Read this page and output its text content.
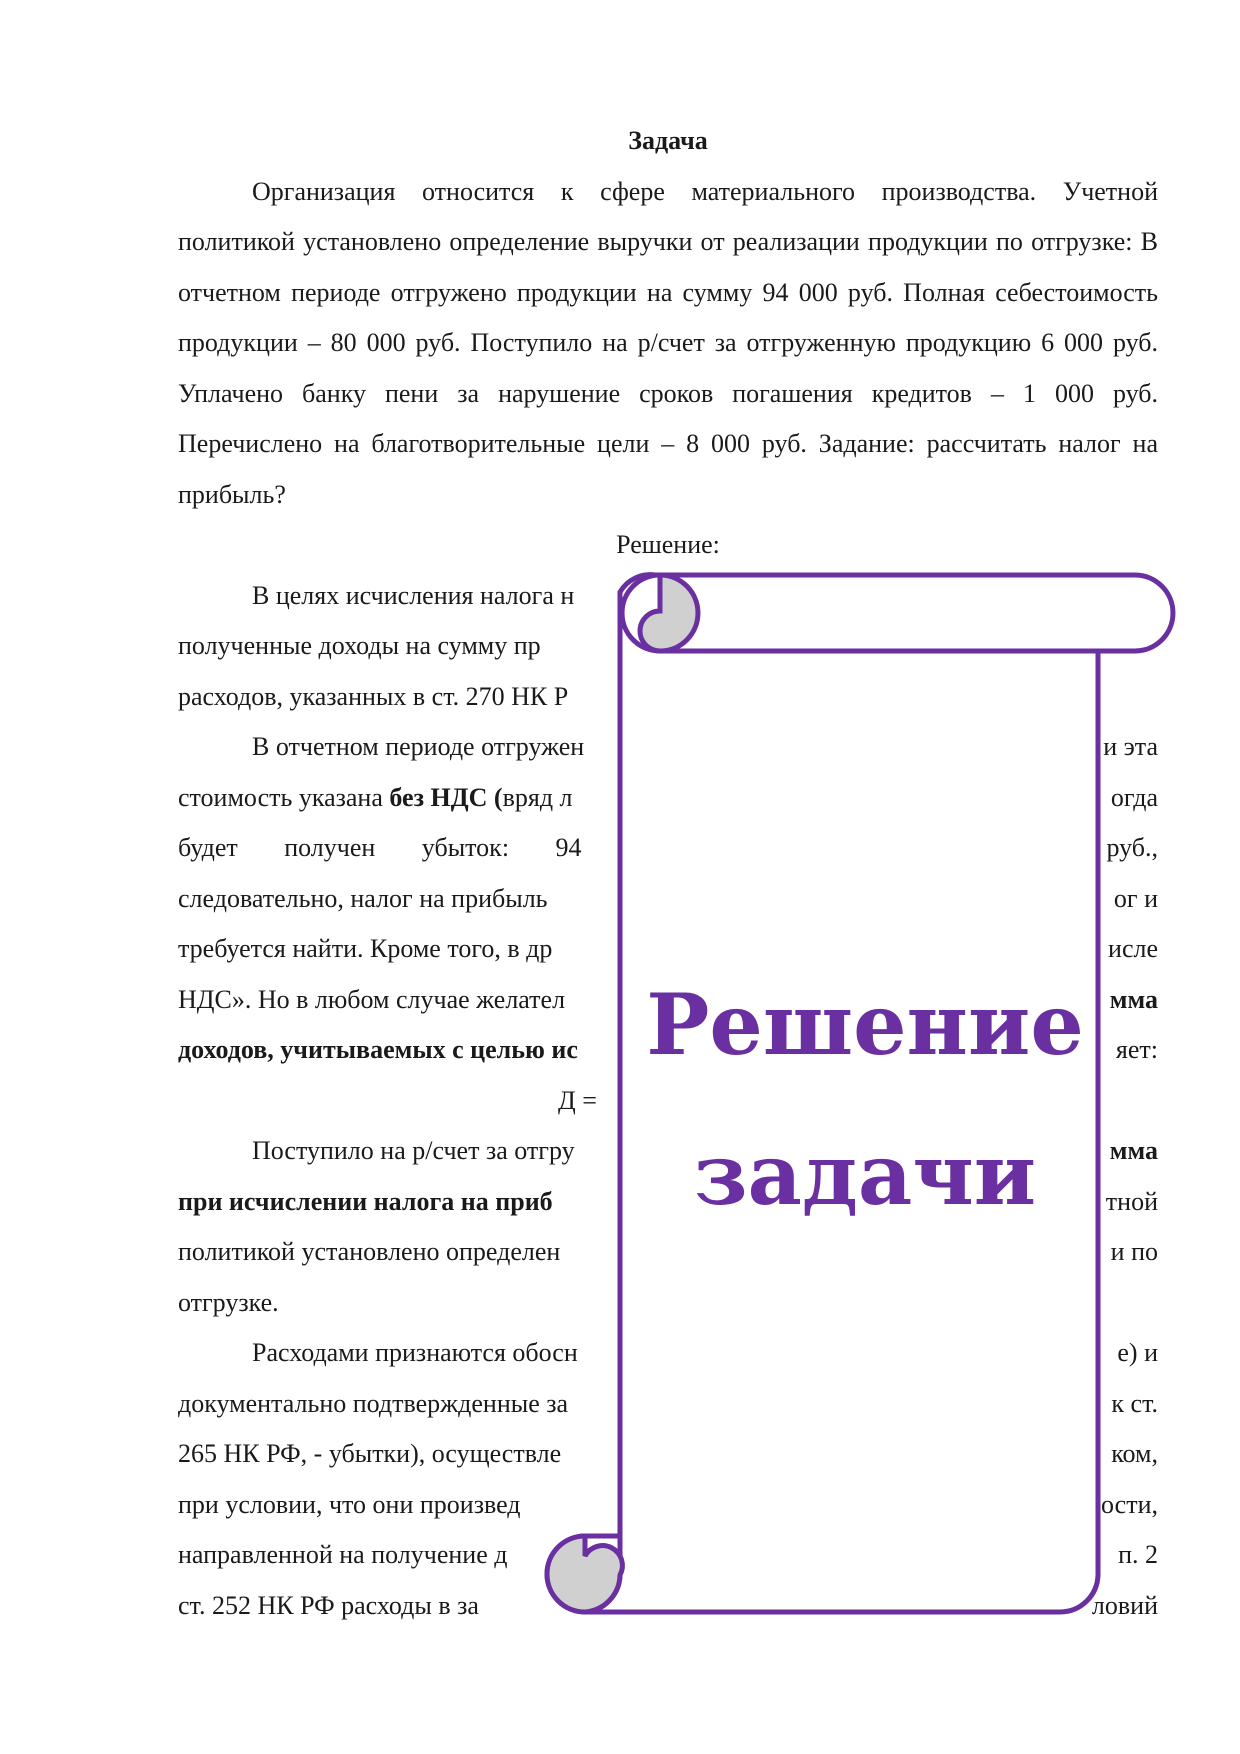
Задача

Организация относится к сфере материального производства. Учетной политикой установлено определение выручки от реализации продукции по отгрузке: В отчетном периоде отгружено продукции на сумму 94 000 руб. Полная себестоимость продукции – 80 000 руб. Поступило на р/счет за отгруженную продукцию 6 000 руб. Уплачено банку пени за нарушение сроков погашения кредитов – 1 000 руб. Перечислено на благотворительные цели – 8 000 руб. Задание: рассчитать налог на прибыль?

Решение:

В целях исчисления налога н

полученные доходы на сумму пр

расходов, указанных в ст. 270 НК Р

В отчетном периоде отгружен	и эта

стоимость указана без НДС (вряд л	огда

будет получен убыток: 94	руб.,

следовательно, налог на прибыль	ог и

требуется найти. Кроме того, в др	исле

НДС». Но в любом случае желател	мма

доходов, учитываемых с целью ис	яет:

Д =

Поступило на р/счет за отгру	мма

при исчислении налога на приб	тной

политикой установлено определен	и по

отгрузке.

Расходами признаются обосн	е) и

документально подтвержденные за	к ст.

265 НК РФ, - убытки), осуществле	ком,

при условии, что они произвед	ости,

направленной на получение д	п. 2

ст. 252 НК РФ расходы в за	ловий

Решение
задачи
